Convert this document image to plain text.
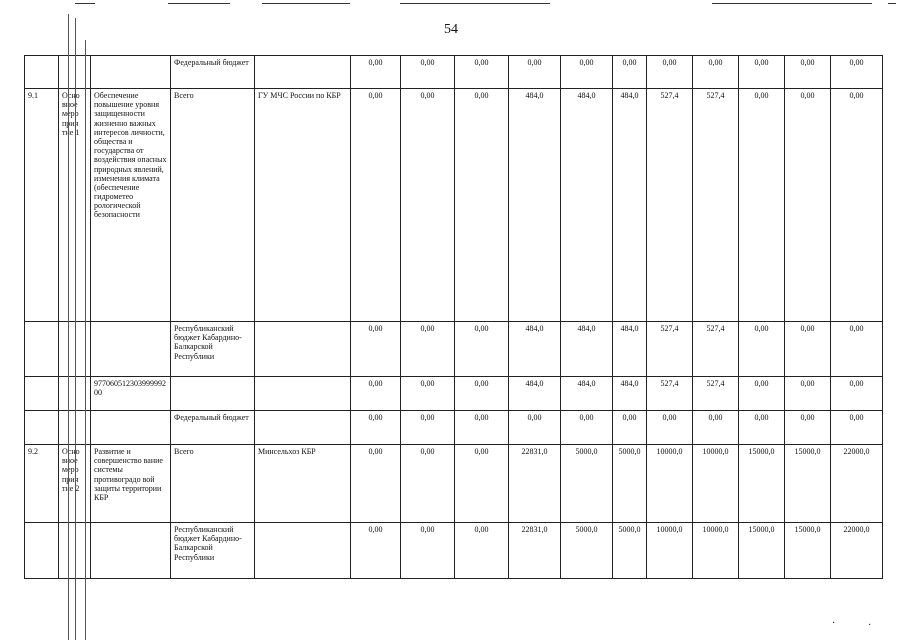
54
			Федеральный бюджет		0,00	0,00	0,00	0,00	0,00	0,00	0,00	0,00	0,00	0,00	0,00
9.1	Осно вное меро прия тие 1	Обеспечение повышение уровня защищенности жизненно важных интересов личности, общества и государства от воздействия опасных природных явлений, изменения климата (обеспечение гидрометео рологической безопасности	Всего	ГУ МЧС России по КБР	0,00	0,00	0,00	484,0	484,0	484,0	527,4	527,4	0,00	0,00	0,00
			Республиканский бюджет Кабардино-Балкарской Республики		0,00	0,00	0,00	484,0	484,0	484,0	527,4	527,4	0,00	0,00	0,00
		97706051230399999200			0,00	0,00	0,00	484,0	484,0	484,0	527,4	527,4	0,00	0,00	0,00
			Федеральный бюджет		0,00	0,00	0,00	0,00	0,00	0,00	0,00	0,00	0,00	0,00	0,00
9.2	Осно вное меро прия тие 2	Развитие и совершенство вание системы противоградо вой защиты территории КБР	Всего	Минсельхоз КБР	0,00	0,00	0,00	22831,0	5000,0	5000,0	10000,0	10000,0	15000,0	15000,0	22000,0
			Республиканский бюджет Кабардино-Балкарской Республики		0,00	0,00	0,00	22831,0	5000,0	5000,0	10000,0	10000,0	15000,0	15000,0	22000,0
·	·
